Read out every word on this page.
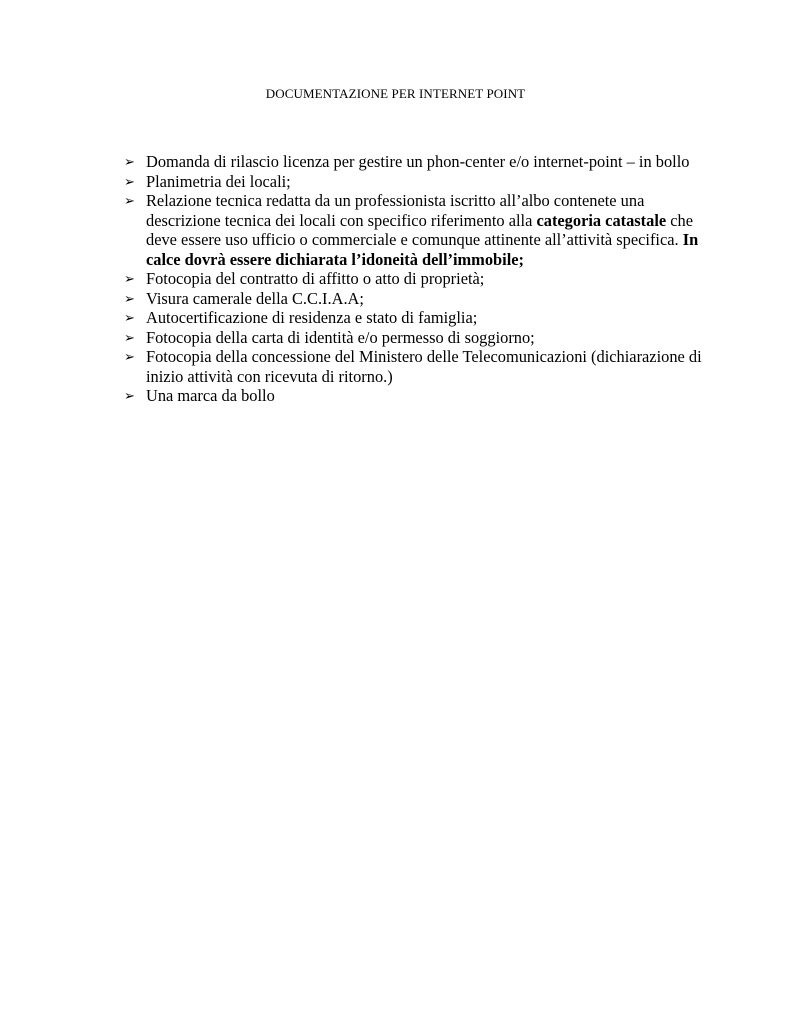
DOCUMENTAZIONE PER INTERNET POINT
➢ Domanda di rilascio licenza per gestire un phon-center e/o internet-point – in bollo
➢ Planimetria dei locali;
➢ Relazione tecnica redatta da un professionista iscritto all’albo contenete una descrizione tecnica dei locali con specifico riferimento alla categoria catastale che deve essere uso ufficio o commerciale e comunque attinente all’attività specifica. In calce dovrà essere dichiarata l’idoneità dell’immobile;
➢ Fotocopia del contratto di affitto o atto di proprietà;
➢ Visura camerale della C.C.I.A.A;
➢ Autocertificazione di residenza e stato di famiglia;
➢ Fotocopia della carta di identità e/o permesso di soggiorno;
➢ Fotocopia della concessione del Ministero delle Telecomunicazioni (dichiarazione di inizio attività con ricevuta di ritorno.)
➢ Una marca da bollo
